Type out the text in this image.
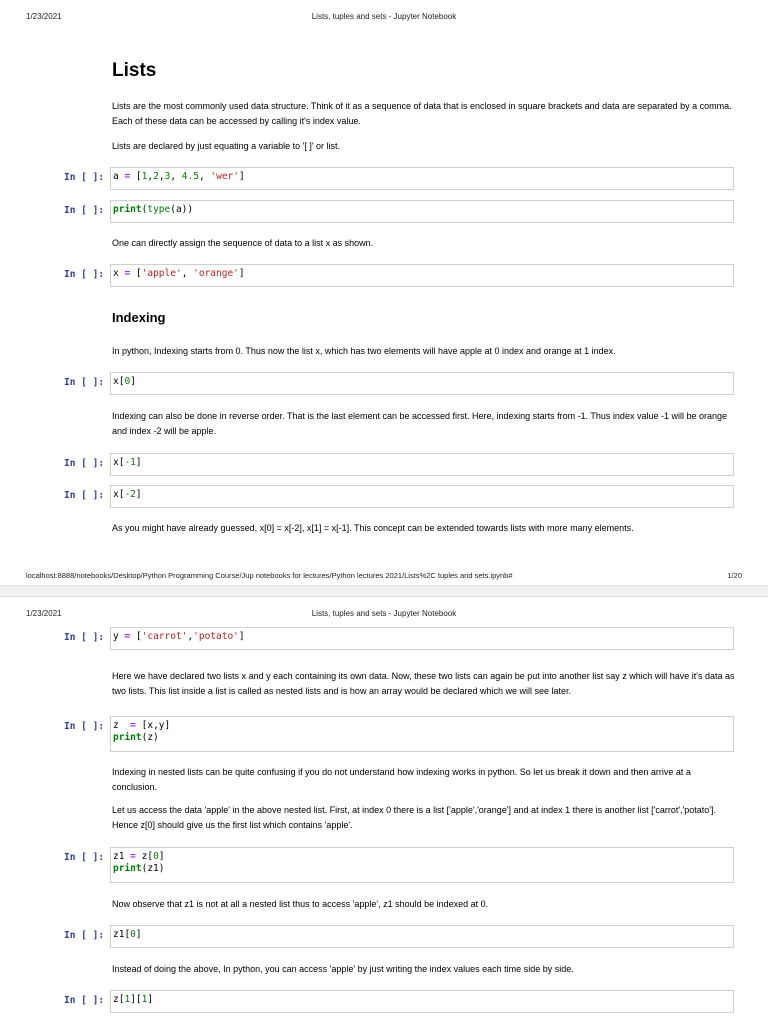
1/23/2021	Lists, tuples and sets - Jupyter Notebook
Lists
Lists are the most commonly used data structure. Think of it as a sequence of data that is enclosed in square brackets and data are separated by a comma. Each of these data can be accessed by calling it's index value.
Lists are declared by just equating a variable to '[ ]' or list.
In [ ]: a = [1,2,3, 4.5, 'wer']
In [ ]: print(type(a))
One can directly assign the sequence of data to a list x as shown.
In [ ]: x = ['apple', 'orange']
Indexing
In python, Indexing starts from 0. Thus now the list x, which has two elements will have apple at 0 index and orange at 1 index.
In [ ]: x[0]
Indexing can also be done in reverse order. That is the last element can be accessed first. Here, indexing starts from -1. Thus index value -1 will be orange and index -2 will be apple.
In [ ]: x[-1]
In [ ]: x[-2]
As you might have already guessed, x[0] = x[-2], x[1] = x[-1]. This concept can be extended towards lists with more many elements.
localhost:8888/notebooks/Desktop/Python Programming Course/Jup notebooks for lectures/Python lectures 2021/Lists%2C tuples and sets.ipynb#	1/20
1/23/2021	Lists, tuples and sets - Jupyter Notebook
In [ ]: y = ['carrot','potato']
Here we have declared two lists x and y each containing its own data. Now, these two lists can again be put into another list say z which will have it's data as two lists. This list inside a list is called as nested lists and is how an array would be declared which we will see later.
In [ ]: z  = [x,y]
print(z)
Indexing in nested lists can be quite confusing if you do not understand how indexing works in python. So let us break it down and then arrive at a conclusion.
Let us access the data 'apple' in the above nested list. First, at index 0 there is a list ['apple','orange'] and at index 1 there is another list ['carrot','potato']. Hence z[0] should give us the first list which contains 'apple'.
In [ ]: z1 = z[0]
print(z1)
Now observe that z1 is not at all a nested list thus to access 'apple', z1 should be indexed at 0.
In [ ]: z1[0]
Instead of doing the above, In python, you can access 'apple' by just writing the index values each time side by side.
In [ ]: z[1][1]
